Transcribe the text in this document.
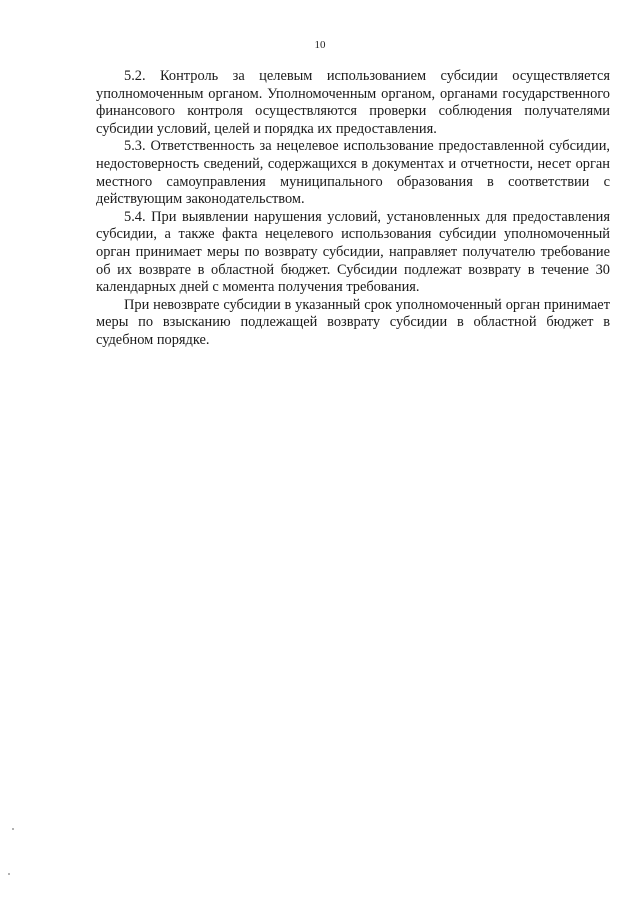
10

5.2. Контроль за целевым использованием субсидии осуществляется уполномоченным органом. Уполномоченным органом, органами государственного финансового контроля осуществляются проверки соблюдения получателями субсидии условий, целей и порядка их предоставления.

5.3. Ответственность за нецелевое использование предоставленной субсидии, недостоверность сведений, содержащихся в документах и отчетности, несет орган местного самоуправления муниципального образования в соответствии с действующим законодательством.

5.4. При выявлении нарушения условий, установленных для предоставления субсидии, а также факта нецелевого использования субсидии уполномоченный орган принимает меры по возврату субсидии, направляет получателю требование об их возврате в областной бюджет. Субсидии подлежат возврату в течение 30 календарных дней с момента получения требования.

При невозврате субсидии в указанный срок уполномоченный орган принимает меры по взысканию подлежащей возврату субсидии в областной бюджет в судебном порядке.
